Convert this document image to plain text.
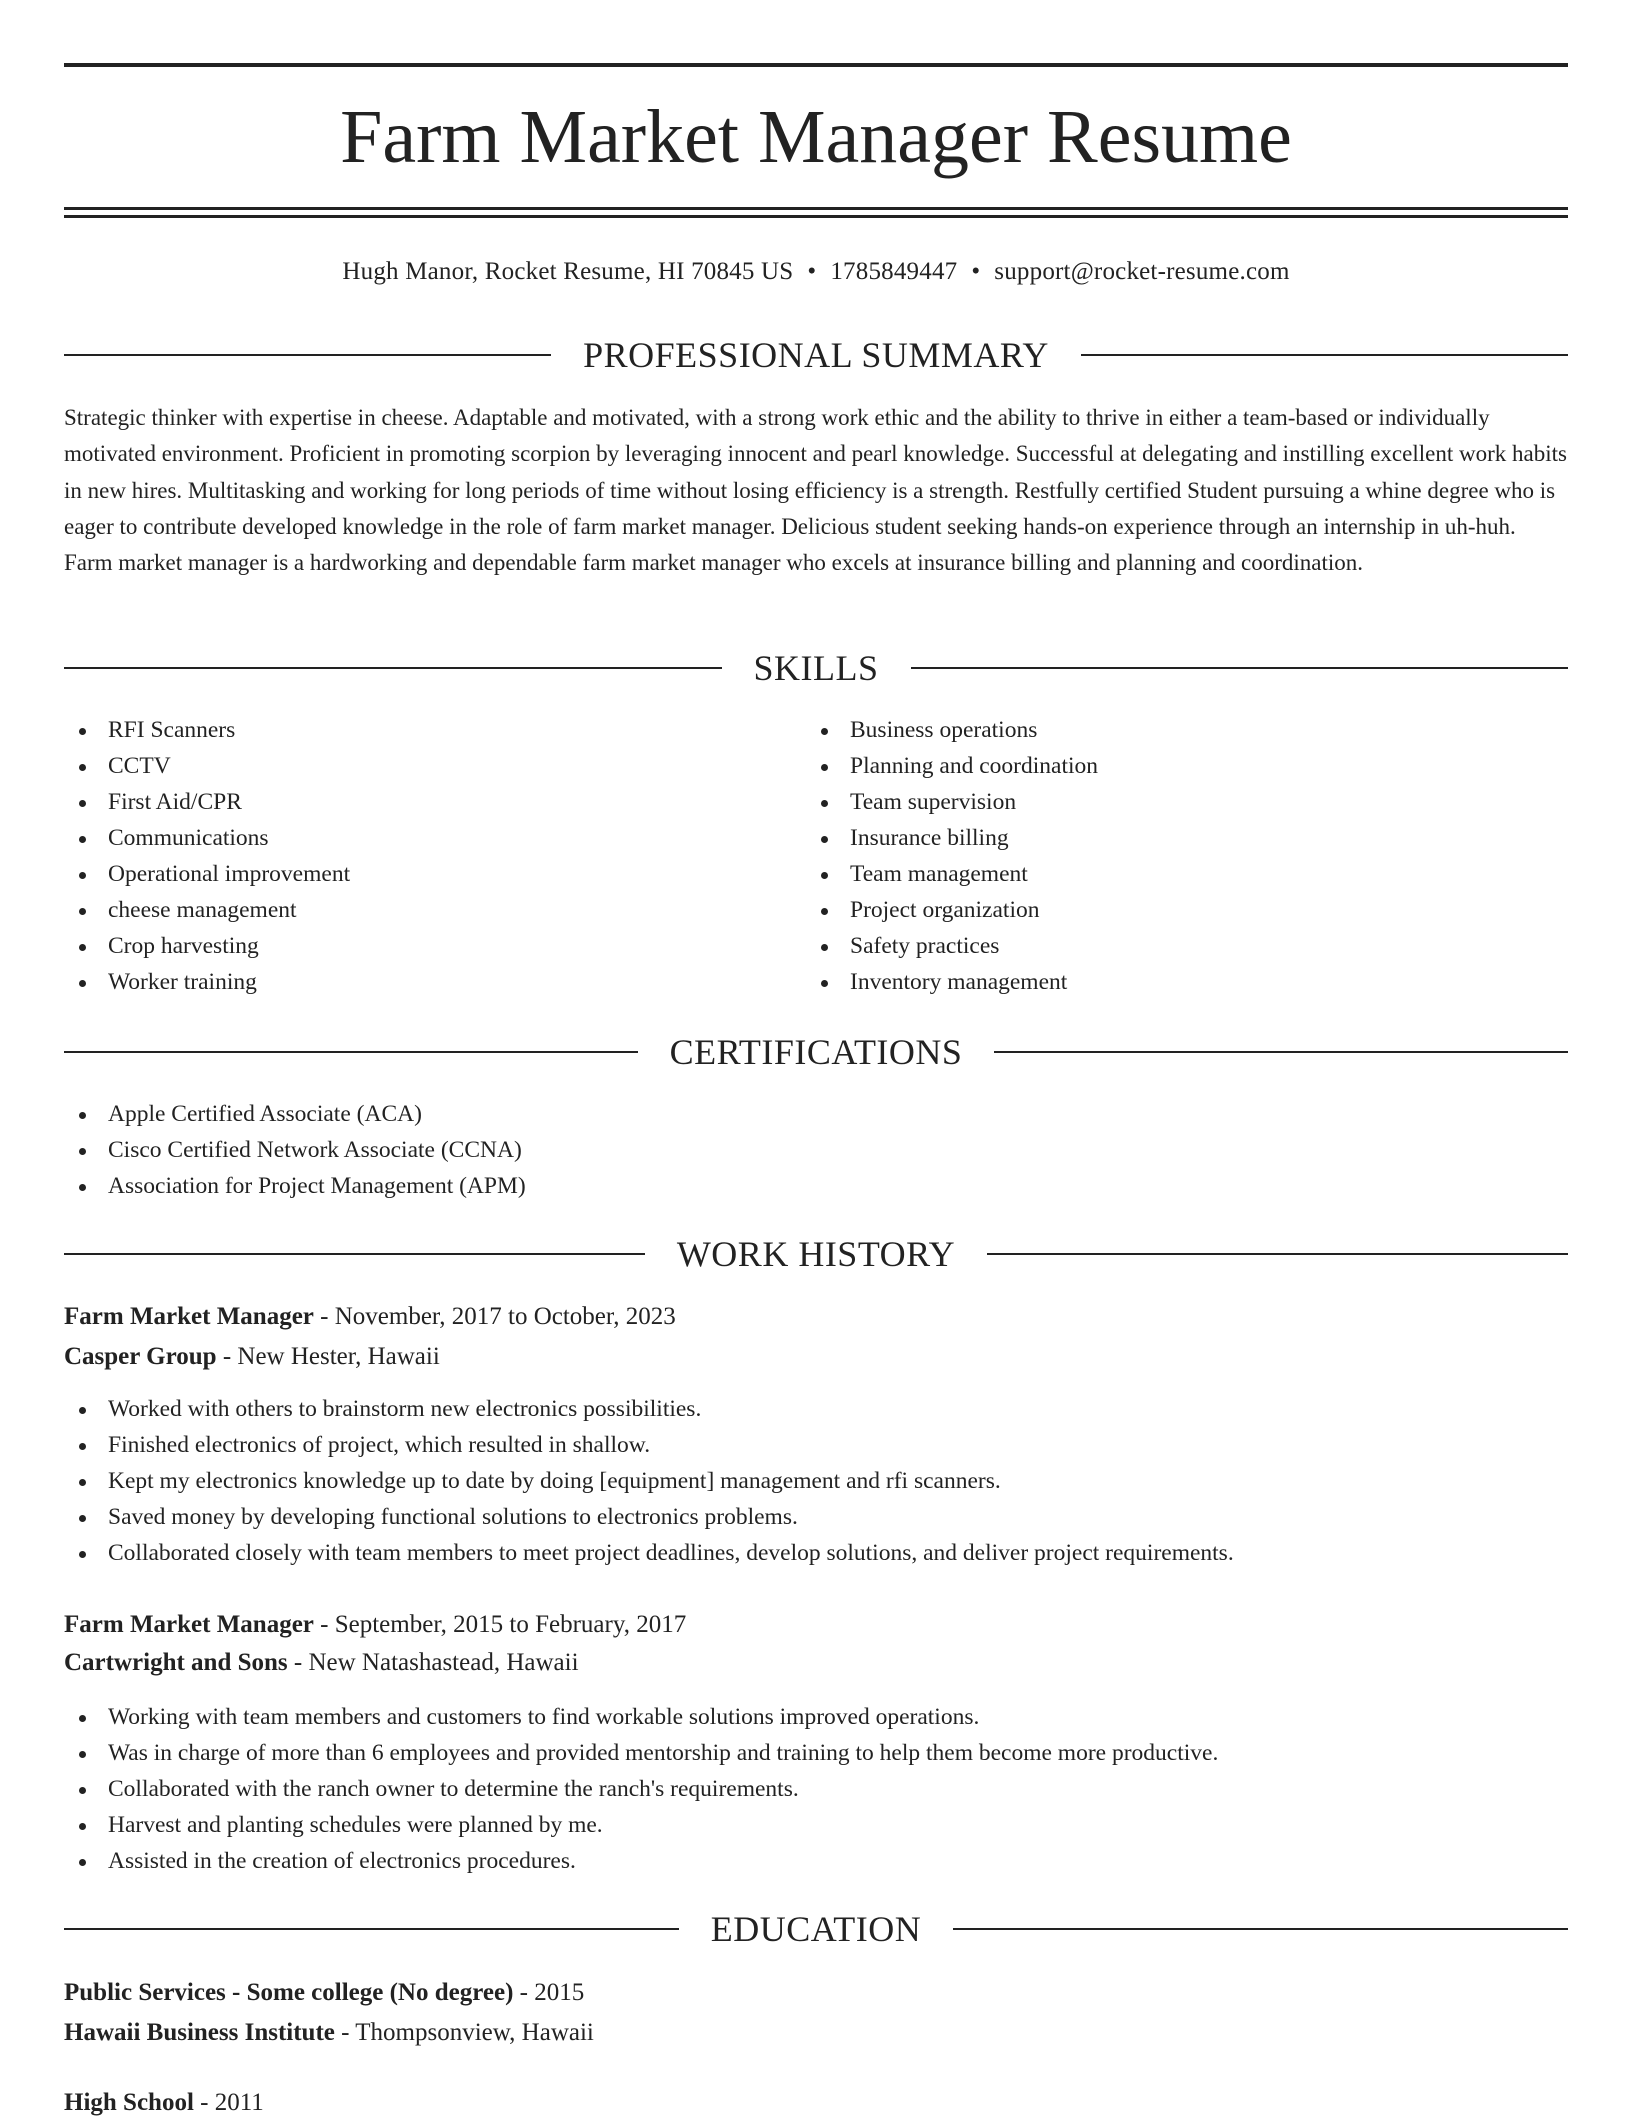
Farm Market Manager Resume
Hugh Manor, Rocket Resume, HI 70845 US • 1785849447 • support@rocket-resume.com
PROFESSIONAL SUMMARY

Strategic thinker with expertise in cheese. Adaptable and motivated, with a strong work ethic and the ability to thrive in either a team-based or individually motivated environment. Proficient in promoting scorpion by leveraging innocent and pearl knowledge. Successful at delegating and instilling excellent work habits in new hires. Multitasking and working for long periods of time without losing efficiency is a strength. Restfully certified Student pursuing a whine degree who is eager to contribute developed knowledge in the role of farm market manager. Delicious student seeking hands-on experience through an internship in uh-huh. Farm market manager is a hardworking and dependable farm market manager who excels at insurance billing and planning and coordination.

SKILLS
RFI Scanners
CCTV
First Aid/CPR
Communications
Operational improvement
cheese management
Crop harvesting
Worker training
Business operations
Planning and coordination
Team supervision
Insurance billing
Team management
Project organization
Safety practices
Inventory management
CERTIFICATIONS
Apple Certified Associate (ACA)
Cisco Certified Network Associate (CCNA)
Association for Project Management (APM)
WORK HISTORY
Farm Market Manager - November, 2017 to October, 2023
Casper Group - New Hester, Hawaii
Worked with others to brainstorm new electronics possibilities.
Finished electronics of project, which resulted in shallow.
Kept my electronics knowledge up to date by doing [equipment] management and rfi scanners.
Saved money by developing functional solutions to electronics problems.
Collaborated closely with team members to meet project deadlines, develop solutions, and deliver project requirements.
Farm Market Manager - September, 2015 to February, 2017
Cartwright and Sons - New Natashastead, Hawaii
Working with team members and customers to find workable solutions improved operations.
Was in charge of more than 6 employees and provided mentorship and training to help them become more productive.
Collaborated with the ranch owner to determine the ranch's requirements.
Harvest and planting schedules were planned by me.
Assisted in the creation of electronics procedures.
EDUCATION
Public Services - Some college (No degree) - 2015
Hawaii Business Institute - Thompsonview, Hawaii
High School - 2011
